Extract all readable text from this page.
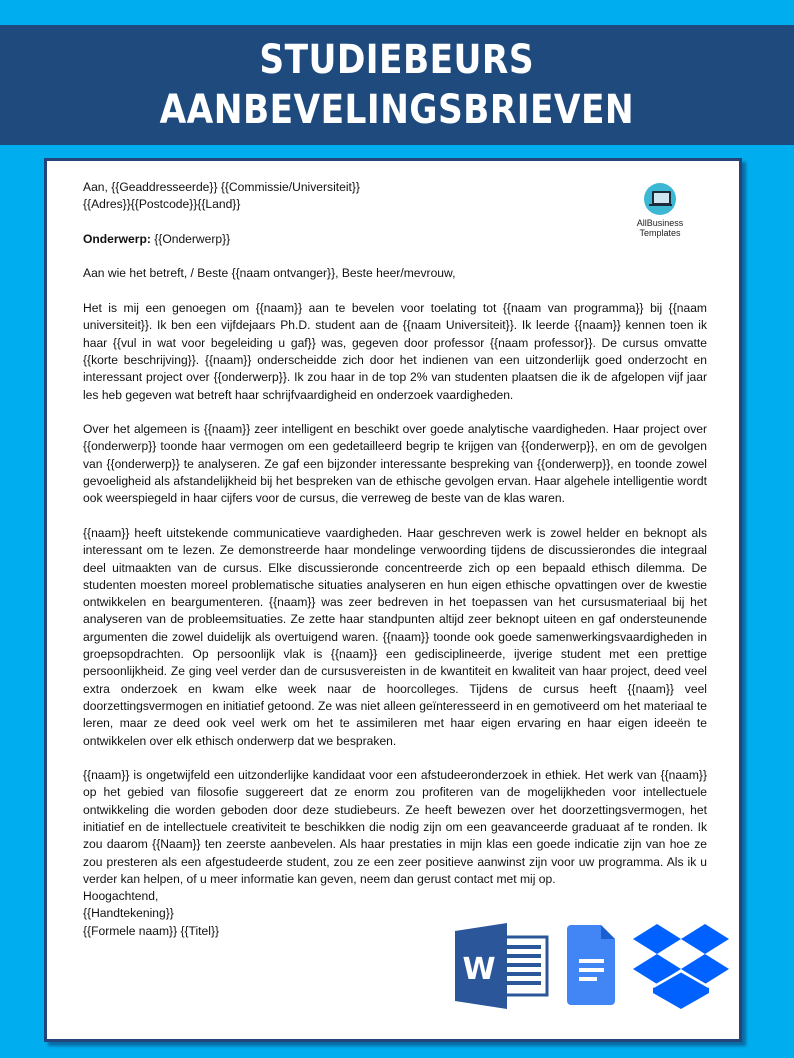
STUDIEBEURS
AANBEVELINGSBRIEVEN
AllBusiness
Templates

Aan, {{Geaddresseerde}} {{Commissie/Universiteit}}

{{Adres}}{{Postcode}}{{Land}}

Onderwerp: {{Onderwerp}}

Aan wie het betreft, / Beste {{naam ontvanger}}, Beste heer/mevrouw,

Het is mij een genoegen om {{naam}} aan te bevelen voor toelating tot {{naam van programma}} bij {{naam universiteit}}. Ik ben een vijfdejaars Ph.D. student aan de {{naam Universiteit}}. Ik leerde {{naam}} kennen toen ik haar {{vul in wat voor begeleiding u gaf}} was, gegeven door professor {{naam professor}}. De cursus omvatte {{korte beschrijving}}. {{naam}} onderscheidde zich door het indienen van een uitzonderlijk goed onderzocht en interessant project over {{onderwerp}}. Ik zou haar in de top 2% van studenten plaatsen die ik de afgelopen vijf jaar les heb gegeven wat betreft haar schrijfvaardigheid en onderzoek vaardigheden.

Over het algemeen is {{naam}} zeer intelligent en beschikt over goede analytische vaardigheden. Haar project over {{onderwerp}} toonde haar vermogen om een gedetailleerd begrip te krijgen van {{onderwerp}}, en om de gevolgen van {{onderwerp}} te analyseren. Ze gaf een bijzonder interessante bespreking van {{onderwerp}}, en toonde zowel gevoeligheid als afstandelijkheid bij het bespreken van de ethische gevolgen ervan. Haar algehele intelligentie wordt ook weerspiegeld in haar cijfers voor de cursus, die verreweg de beste van de klas waren.

{{naam}} heeft uitstekende communicatieve vaardigheden. Haar geschreven werk is zowel helder en beknopt als interessant om te lezen. Ze demonstreerde haar mondelinge verwoording tijdens de discussierondes die integraal deel uitmaakten van de cursus. Elke discussieronde concentreerde zich op een bepaald ethisch dilemma. De studenten moesten moreel problematische situaties analyseren en hun eigen ethische opvattingen over de kwestie ontwikkelen en beargumenteren. {{naam}} was zeer bedreven in het toepassen van het cursusmateriaal bij het analyseren van de probleemsituaties. Ze zette haar standpunten altijd zeer beknopt uiteen en gaf ondersteunende argumenten die zowel duidelijk als overtuigend waren. {{naam}} toonde ook goede samenwerkingsvaardigheden in groepsopdrachten. Op persoonlijk vlak is {{naam}} een gedisciplineerde, ijverige student met een prettige persoonlijkheid. Ze ging veel verder dan de cursusvereisten in de kwantiteit en kwaliteit van haar project, deed veel extra onderzoek en kwam elke week naar de hoorcolleges. Tijdens de cursus heeft {{naam}} veel doorzettingsvermogen en initiatief getoond. Ze was niet alleen geïnteresseerd in en gemotiveerd om het materiaal te leren, maar ze deed ook veel werk om het te assimileren met haar eigen ervaring en haar eigen ideeën te ontwikkelen over elk ethisch onderwerp dat we bespraken.

{{naam}} is ongetwijfeld een uitzonderlijke kandidaat voor een afstudeeronderzoek in ethiek. Het werk van {{naam}} op het gebied van filosofie suggereert dat ze enorm zou profiteren van de mogelijkheden voor intellectuele ontwikkeling die worden geboden door deze studiebeurs. Ze heeft bewezen over het doorzettingsvermogen, het initiatief en de intellectuele creativiteit te beschikken die nodig zijn om een geavanceerde graduaat af te ronden. Ik zou daarom {{Naam}} ten zeerste aanbevelen. Als haar prestaties in mijn klas een goede indicatie zijn van hoe ze zou presteren als een afgestudeerde student, zou ze een zeer positieve aanwinst zijn voor uw programma. Als ik u verder kan helpen, of u meer informatie kan geven, neem dan gerust contact met mij op.

Hoogachtend,

{{Handtekening}}

{{Formele naam}} {{Titel}}

W
